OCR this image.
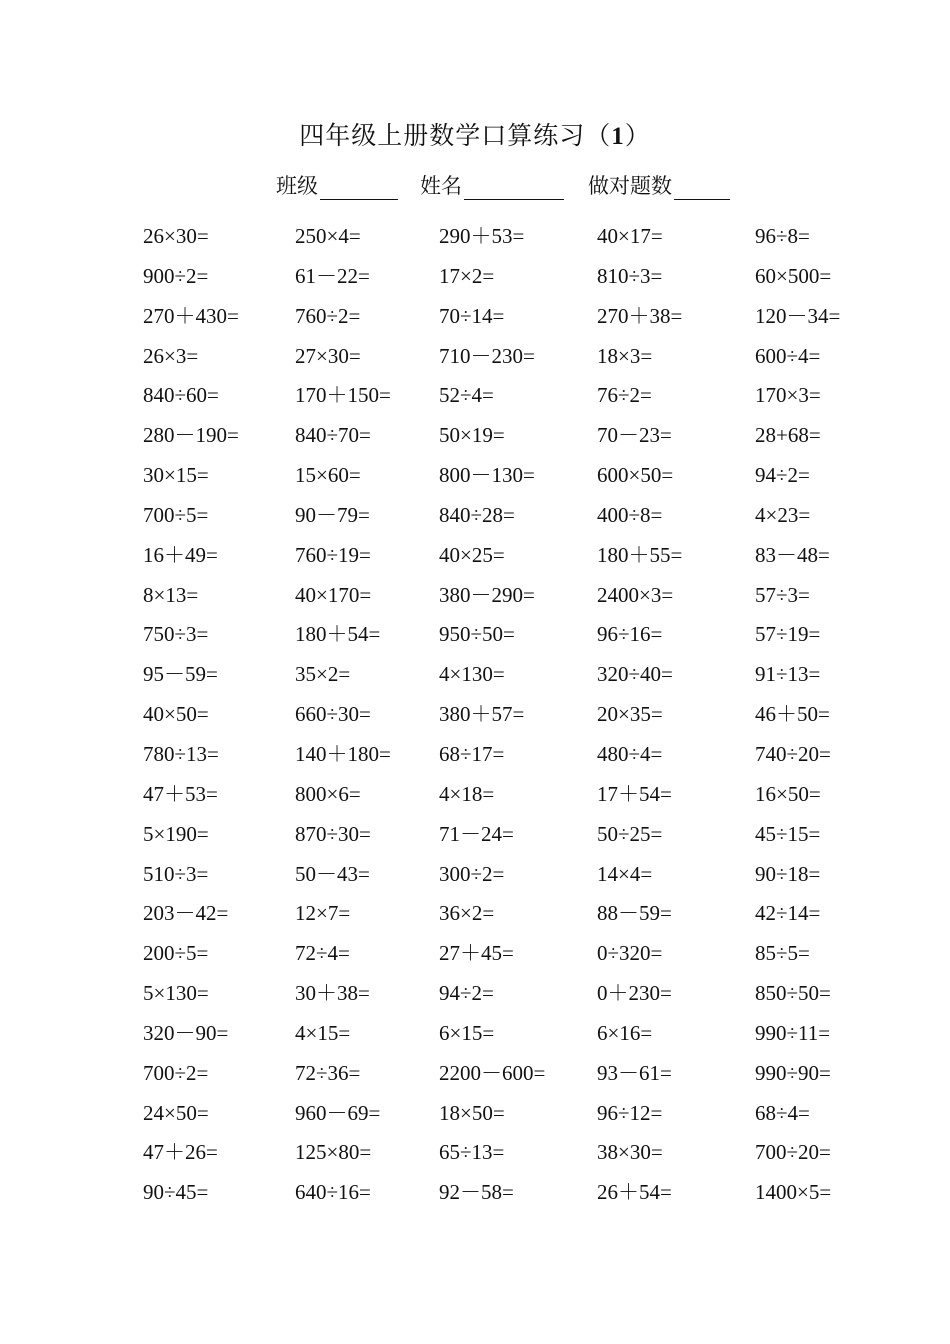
四年级上册数学口算练习（1）
班级	姓名	做对题数
26×30=	250×4=	290＋53=	40×17=	96÷8=
900÷2=	61－22=	17×2=	810÷3=	60×500=
270＋430=	760÷2=	70÷14=	270＋38=	120－34=
26×3=	27×30=	710－230=	18×3=	600÷4=
840÷60=	170＋150= 52÷4=	76÷2=	170×3=
280－190=	840÷70=	50×19=	70－23=	28+68=
30×15=	15×60=	800－130=	600×50=	94÷2=
700÷5=	90－79=	840÷28=	400÷8=	4×23=
16＋49=	760÷19=	40×25=	180＋55=	83－48=
8×13=	40×170=	380－290=	2400×3=	57÷3=
750÷3=	180＋54=	950÷50=	96÷16=	57÷19=
95－59=	35×2=	4×130=	320÷40=	91÷13=
40×50=	660÷30=	380＋57=	20×35=	46＋50=
780÷13=	140＋180= 68÷17=	480÷4=	740÷20=
47＋53=	800×6=	4×18=	17＋54=	16×50=
5×190=	870÷30=	71－24=	50÷25=	45÷15=
510÷3=	50－43=	300÷2=	14×4=	90÷18=
203－42=	12×7=	36×2=	88－59=	42÷14=
200÷5=	72÷4=	27＋45=	0÷320=	85÷5=
5×130=	30＋38=	94÷2=	0＋230=	850÷50=
320－90=	4×15=	6×15=	6×16=	990÷11=
700÷2=	72÷36=	2200－600= 93－61=	990÷90=
24×50=	960－69=	18×50=	96÷12=	68÷4=
47＋26=	125×80=	65÷13=	38×30=	700÷20=
90÷45=	640÷16=	92－58=	26＋54=	1400×5=
